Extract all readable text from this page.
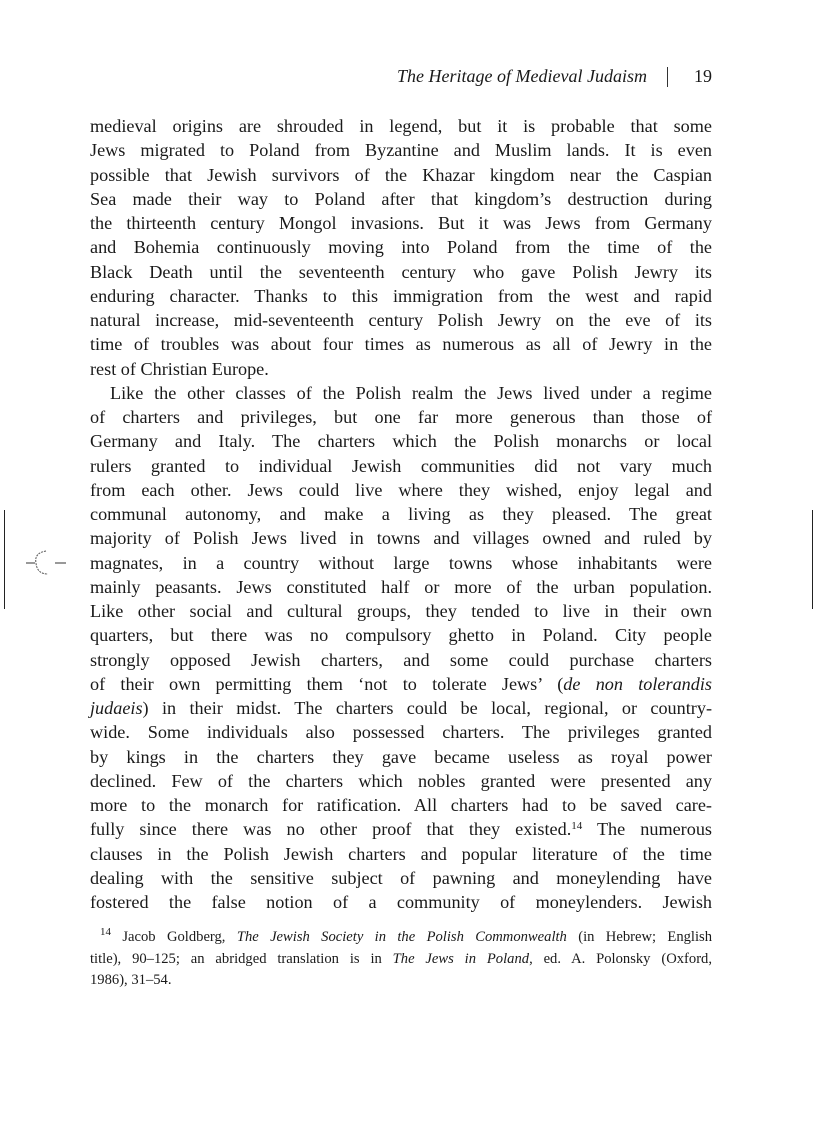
The Heritage of Medieval Judaism	19
medieval origins are shrouded in legend, but it is probable that some
Jews migrated to Poland from Byzantine and Muslim lands. It is even
possible that Jewish survivors of the Khazar kingdom near the Caspian
Sea made their way to Poland after that kingdom’s destruction during
the thirteenth century Mongol invasions. But it was Jews from Germany
and Bohemia continuously moving into Poland from the time of the
Black Death until the seventeenth century who gave Polish Jewry its
enduring character. Thanks to this immigration from the west and rapid
natural increase, mid-seventeenth century Polish Jewry on the eve of its
time of troubles was about four times as numerous as all of Jewry in the
rest of Christian Europe.
Like the other classes of the Polish realm the Jews lived under a regime
of charters and privileges, but one far more generous than those of
Germany and Italy. The charters which the Polish monarchs or local
rulers granted to individual Jewish communities did not vary much
from each other. Jews could live where they wished, enjoy legal and
communal autonomy, and make a living as they pleased. The great
majority of Polish Jews lived in towns and villages owned and ruled by
magnates, in a country without large towns whose inhabitants were
mainly peasants. Jews constituted half or more of the urban population.
Like other social and cultural groups, they tended to live in their own
quarters, but there was no compulsory ghetto in Poland. City people
strongly opposed Jewish charters, and some could purchase charters
of their own permitting them ‘not to tolerate Jews’ (de non tolerandis
judaeis) in their midst. The charters could be local, regional, or country-
wide. Some individuals also possessed charters. The privileges granted
by kings in the charters they gave became useless as royal power
declined. Few of the charters which nobles granted were presented any
more to the monarch for ratification. All charters had to be saved care-
fully since there was no other proof that they existed.$^{14}$ The numerous
clauses in the Polish Jewish charters and popular literature of the time
dealing with the sensitive subject of pawning and moneylending have
fostered the false notion of a community of moneylenders. Jewish
$^{14}$ Jacob Goldberg, The Jewish Society in the Polish Commonwealth (in Hebrew; English
title), 90–125; an abridged translation is in The Jews in Poland, ed. A. Polonsky (Oxford,
1986), 31–54.
